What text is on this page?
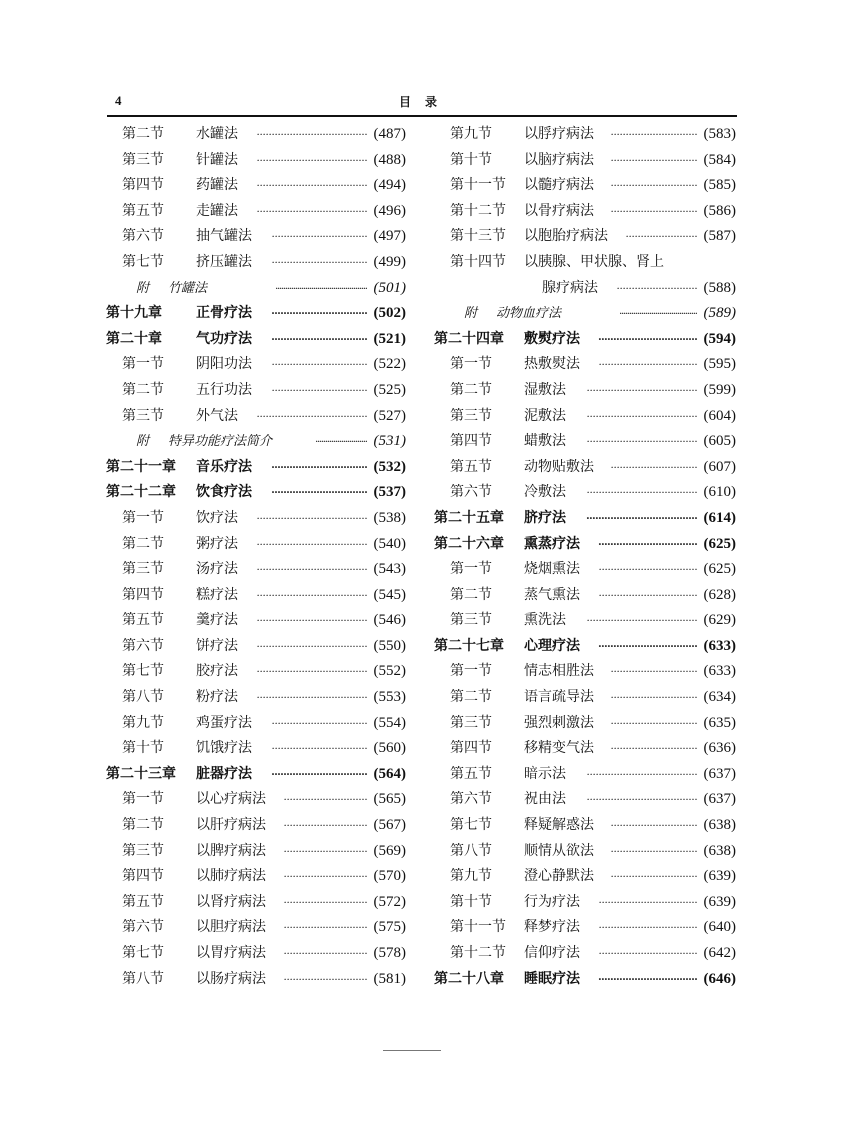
4	目录
第二节 水罐法	····································· (487)
第三节 针罐法	····································· (488)
第四节 药罐法	····································· (494)
第五节 走罐法	····································· (496)
第六节 抽气罐法	································ (497)
第七节 挤压罐法	································ (499)
附 竹罐法	·············································· (501)
第十九章 正骨疗法	································ (502)
第二十章 气功疗法	································ (521)
第一节 阴阳功法	································ (522)
第二节 五行功法	································ (525)
第三节 外气法	····································· (527)
附 特异功能疗法简介	·························· (531)
第二十一章 音乐疗法	································ (532)
第二十二章 饮食疗法	································ (537)
第一节 饮疗法	····································· (538)
第二节 粥疗法	····································· (540)
第三节 汤疗法	····································· (543)
第四节 糕疗法	····································· (545)
第五节 羹疗法	····································· (546)
第六节 饼疗法	····································· (550)
第七节 胶疗法	····································· (552)
第八节 粉疗法	····································· (553)
第九节 鸡蛋疗法	································ (554)
第十节 饥饿疗法	································ (560)
第二十三章 脏器疗法	································ (564)
第一节 以心疗病法	···························· (565)
第二节 以肝疗病法	···························· (567)
第三节 以脾疗病法	···························· (569)
第四节 以肺疗病法	···························· (570)
第五节 以肾疗病法	···························· (572)
第六节 以胆疗病法	···························· (575)
第七节 以胃疗病法	···························· (578)
第八节 以肠疗病法	···························· (581)
第九节 以脬疗病法	····························· (583)
第十节 以脑疗病法	····························· (584)
第十一节 以髓疗病法	····························· (585)
第十二节 以骨疗病法	····························· (586)
第十三节 以胞胎疗病法	························ (587)
第十四节 以胰腺、甲状腺、肾上
腺疗病法	··························· (588)
附 动物血疗法	······································· (589)
第二十四章 敷熨疗法	································· (594)
第一节 热敷熨法	································· (595)
第二节 湿敷法	····································· (599)
第三节 泥敷法	····································· (604)
第四节 蜡敷法	····································· (605)
第五节 动物贴敷法	····························· (607)
第六节 冷敷法	····································· (610)
第二十五章 脐疗法	····································· (614)
第二十六章 熏蒸疗法	································· (625)
第一节 烧烟熏法	································· (625)
第二节 蒸气熏法	································· (628)
第三节 熏洗法	····································· (629)
第二十七章 心理疗法	································· (633)
第一节 情志相胜法	····························· (633)
第二节 语言疏导法	····························· (634)
第三节 强烈刺激法	····························· (635)
第四节 移精变气法	····························· (636)
第五节 暗示法	····································· (637)
第六节 祝由法	····································· (637)
第七节 释疑解惑法	····························· (638)
第八节 顺情从欲法	····························· (638)
第九节 澄心静默法	····························· (639)
第十节 行为疗法	································· (639)
第十一节 释梦疗法	································· (640)
第十二节 信仰疗法	································· (642)
第二十八章 睡眠疗法	································· (646)
